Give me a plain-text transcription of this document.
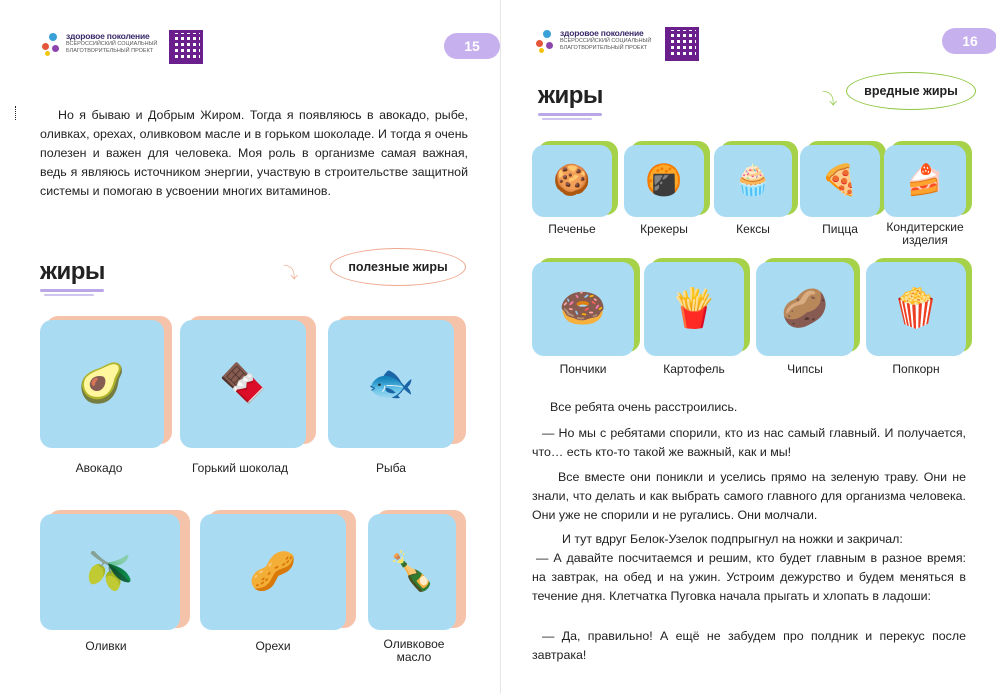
здоровое поколение
ВСЕРОССИЙСКИЙ СОЦИАЛЬНЫЙ БЛАГОТВОРИТЕЛЬНЫЙ ПРОЕКТ	15
Но я бываю и Добрым Жиром. Тогда я появляюсь в авокадо, рыбе, оливках, орехах, оливковом масле и в горьком шоколаде. И тогда я очень полезен и важен для человека. Моя роль в организме самая важная, ведь я являюсь источником энергии, участвую в строительстве защитной системы и помогаю в усвоении многих витаминов.
жиры	⤵	полезные жиры
🥑
Авокадо
🍫
Горький шоколад
🐟
Рыба
🫒
Оливки
🥜
Орехи
🍾
Оливковое масло
здоровое поколение
ВСЕРОССИЙСКИЙ СОЦИАЛЬНЫЙ БЛАГОТВОРИТЕЛЬНЫЙ ПРОЕКТ	16
жиры	⤵	вредные жиры
🍪
Печенье
🍘
Крекеры
🧁
Кексы
🍕
Пицца
🍰
Кондитерские изделия
🍩
Пончики
🍟
Картофель
🥔
Чипсы
🍿
Попкорн
Все ребята очень расстроились.
— Но мы с ребятами спорили, кто из нас самый главный. И получается, что… есть кто-то такой же важный, как и мы!
Все вместе они поникли и уселись прямо на зеленую траву. Они не знали, что делать и как выбрать самого главного для организма человека. Они уже не спорили и не ругались. Они молчали.
И тут вдруг Белок-Узелок подпрыгнул на ножки и закричал:
— А давайте посчитаемся и решим, кто будет главным в разное время: на завтрак, на обед и на ужин. Устроим дежурство и будем меняться в течение дня. Клетчатка Пуговка начала прыгать и хлопать в ладоши:
— Да, правильно! А ещё не забудем про полдник и перекус после завтрака!
